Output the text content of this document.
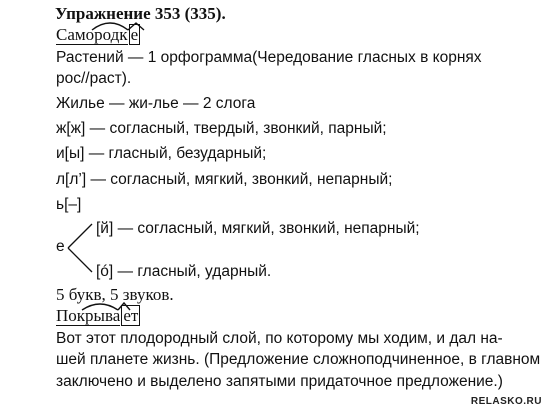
Упражнение 353 (335).
Самородк е
Растений — 1 орфограмма(Чередование гласных в корнях
рос//раст).
Жилье — жи-лье — 2 слога
ж[ж] — согласный, твердый, звонкий, парный;
и[ы] — гласный, безударный;
л[л’] — согласный, мягкий, звонкий, непарный;
ь[–]
е
[й] — согласный, мягкий, звонкий, непарный;
[ó] — гласный, ударный.
5 букв, 5 звуков.
Покрыва ет
Вот этот плодородный слой, по которому мы ходим, и дал на-
шей планете жизнь. (Предложение сложноподчиненное, в главном
заключено и выделено запятыми придаточное предложение.)
RELASKO.RU
